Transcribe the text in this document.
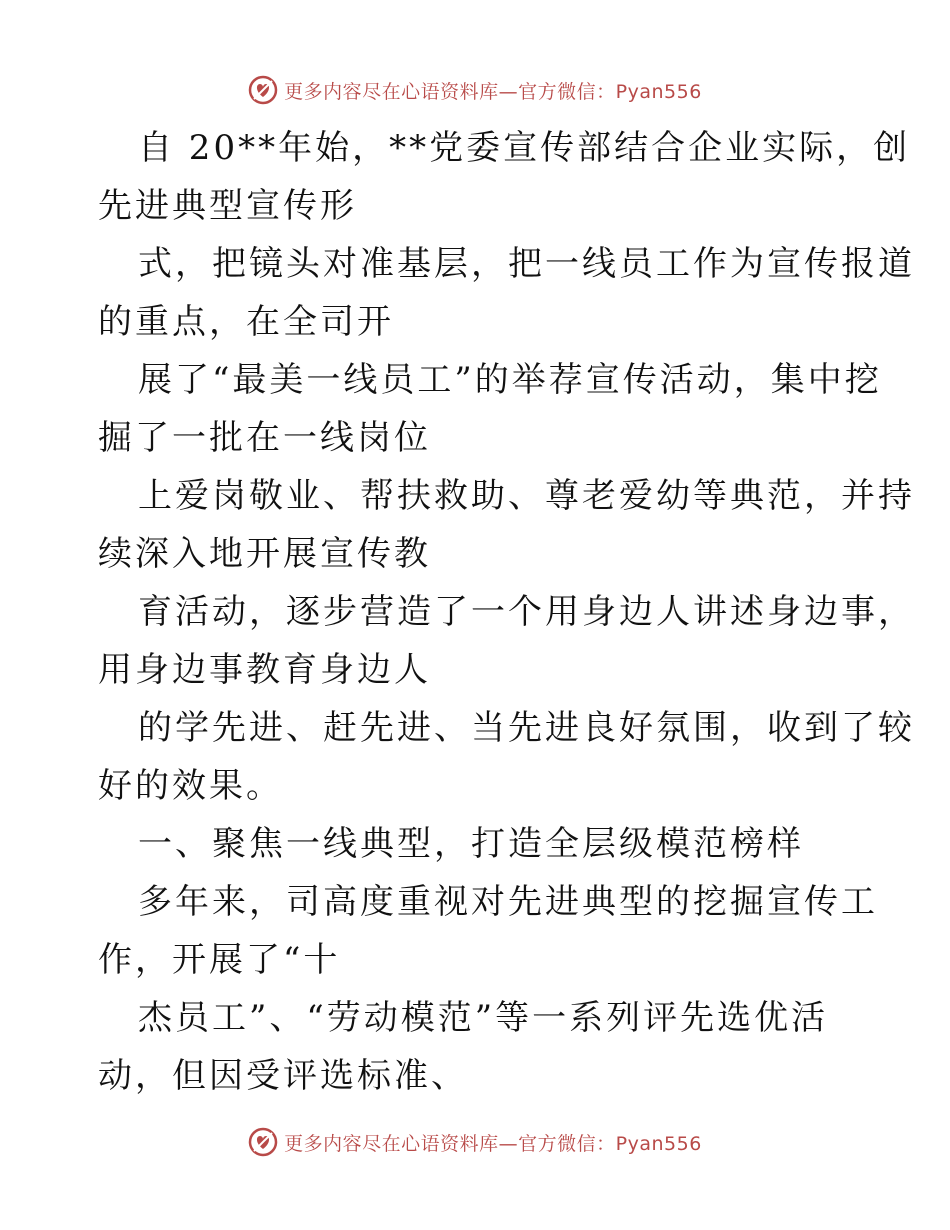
更多内容尽在心语资料库—官方微信：Pyan556
自 20**年始，**党委宣传部结合企业实际，创
先进典型宣传形
式，把镜头对准基层，把一线员工作为宣传报道
的重点，在全司开
展了“最美一线员工”的举荐宣传活动，集中挖
掘了一批在一线岗位
上爱岗敬业、帮扶救助、尊老爱幼等典范，并持
续深入地开展宣传教
育活动，逐步营造了一个用身边人讲述身边事，
用身边事教育身边人
的学先进、赶先进、当先进良好氛围，收到了较
好的效果。
一、聚焦一线典型，打造全层级模范榜样
多年来，司高度重视对先进典型的挖掘宣传工
作，开展了“十
杰员工”、“劳动模范”等一系列评先选优活
动，但因受评选标准、
更多内容尽在心语资料库—官方微信：Pyan556
